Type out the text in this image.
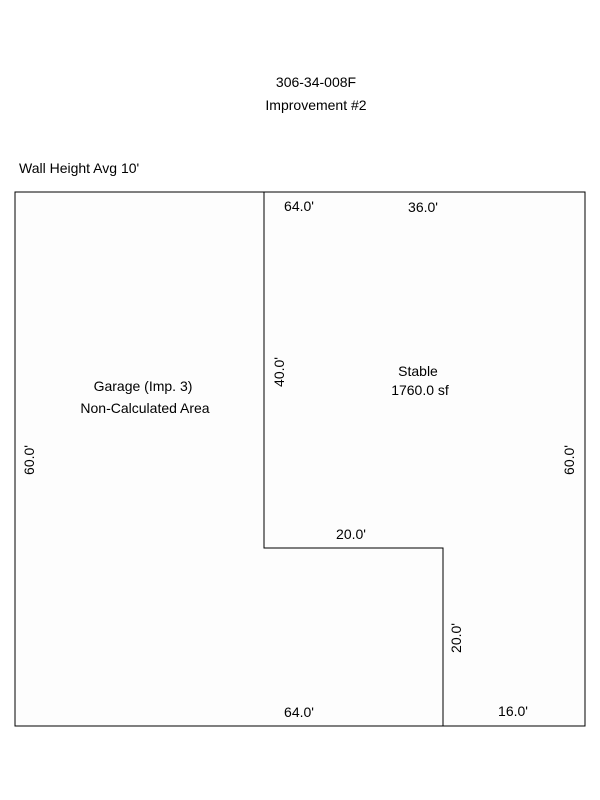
306-34-008F
Improvement #2
Wall Height Avg 10'
Garage (Imp. 3)
Non-Calculated Area
Stable
1760.0 sf
64.0'	36.0'
60.0'	60.0'
40.0'
20.0'
20.0'
64.0'	16.0'
